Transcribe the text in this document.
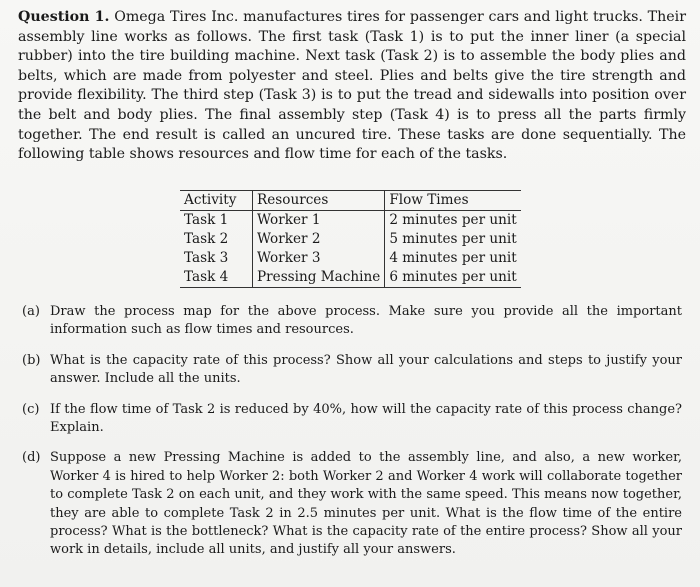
Question 1. Omega Tires Inc. manufactures tires for passenger cars and light trucks. Their assembly line works as follows. The first task (Task 1) is to put the inner liner (a special rubber) into the tire building machine. Next task (Task 2) is to assemble the body plies and belts, which are made from polyester and steel. Plies and belts give the tire strength and provide flexibility. The third step (Task 3) is to put the tread and sidewalls into position over the belt and body plies. The final assembly step (Task 4) is to press all the parts firmly together. The end result is called an uncured tire. These tasks are done sequentially. The following table shows resources and flow time for each of the tasks.
Activity	Resources	Flow Times
Task 1	Worker 1	2 minutes per unit
Task 2	Worker 2	5 minutes per unit
Task 3	Worker 3	4 minutes per unit
Task 4	Pressing Machine	6 minutes per unit
(a) Draw the process map for the above process. Make sure you provide all the important information such as flow times and resources.
(b) What is the capacity rate of this process? Show all your calculations and steps to justify your answer. Include all the units.
(c) If the flow time of Task 2 is reduced by 40%, how will the capacity rate of this process change? Explain.
(d) Suppose a new Pressing Machine is added to the assembly line, and also, a new worker, Worker 4 is hired to help Worker 2: both Worker 2 and Worker 4 work will collaborate together to complete Task 2 on each unit, and they work with the same speed. This means now together, they are able to complete Task 2 in 2.5 minutes per unit. What is the flow time of the entire process? What is the bottleneck? What is the capacity rate of the entire process? Show all your work in details, include all units, and justify all your answers.
